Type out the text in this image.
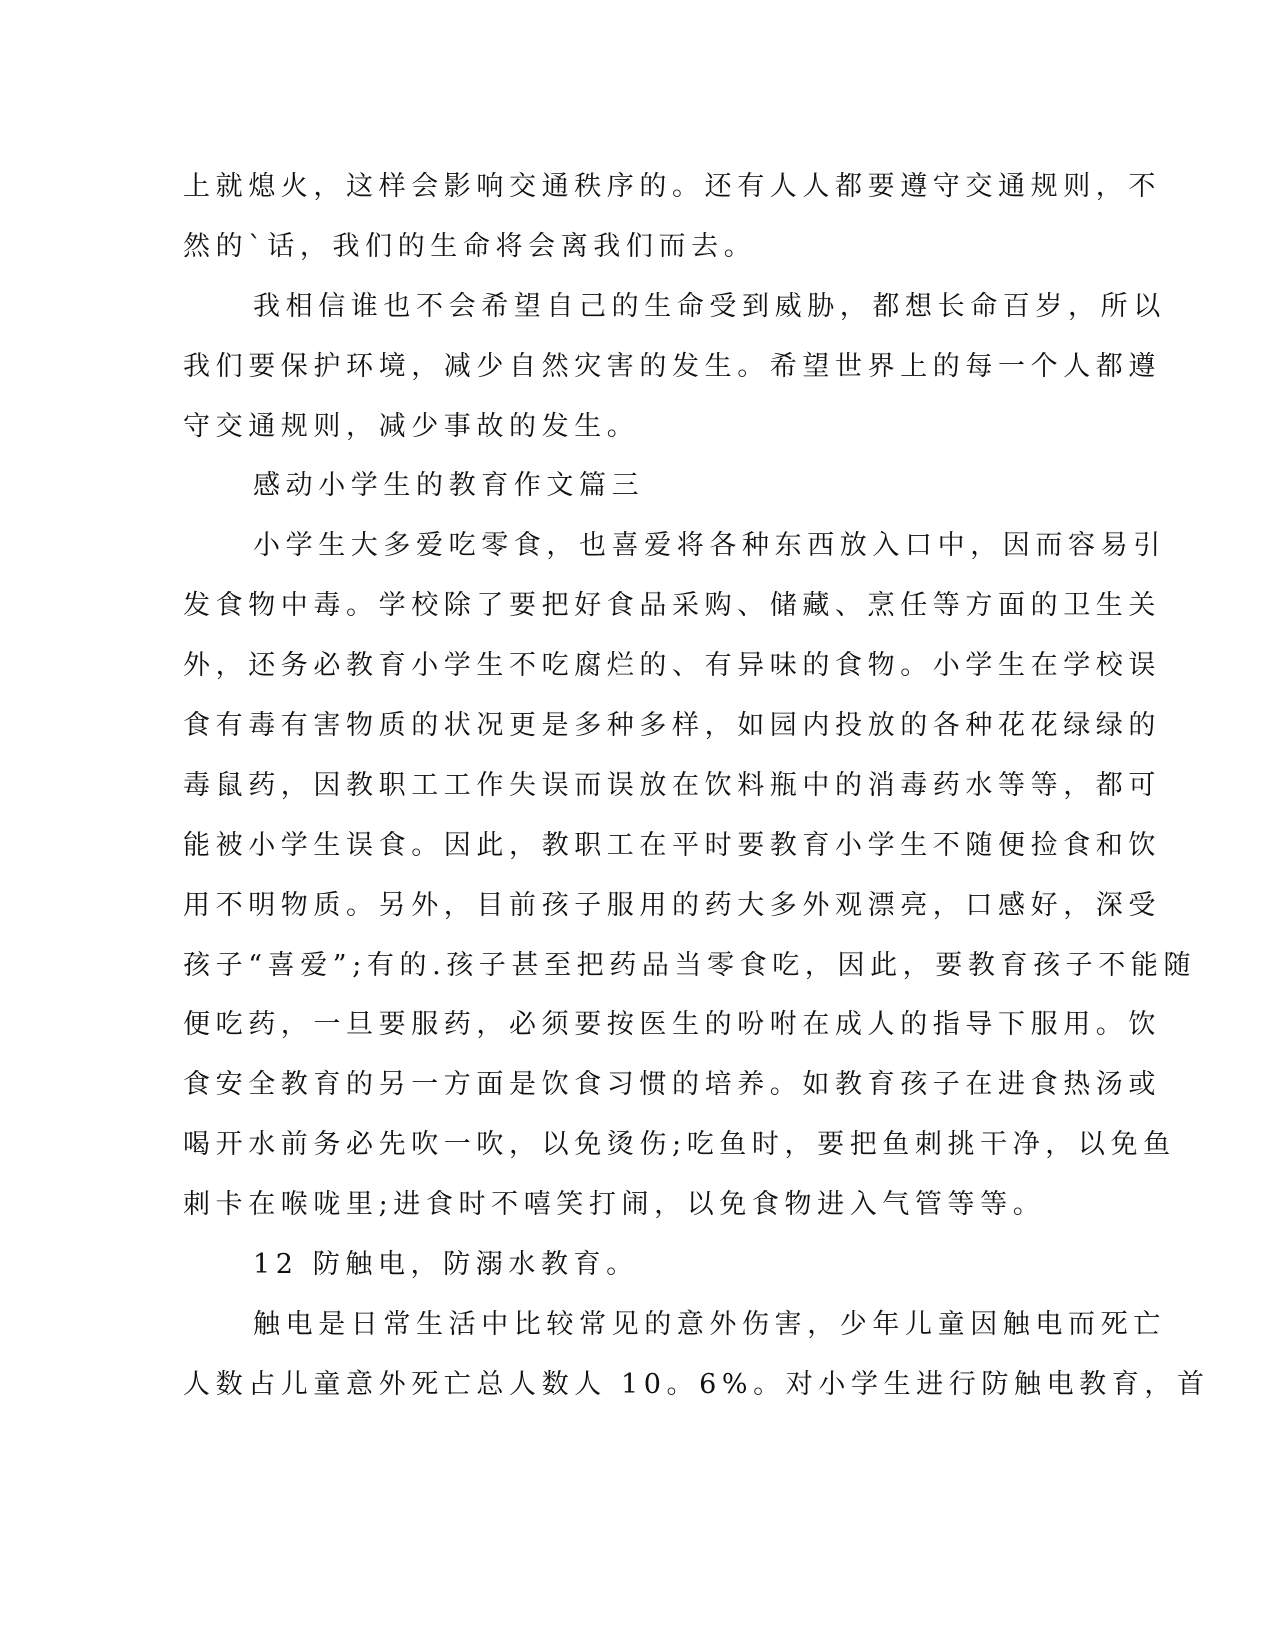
上就熄火，这样会影响交通秩序的。还有人人都要遵守交通规则，不
然的`话，我们的生命将会离我们而去。
我相信谁也不会希望自己的生命受到威胁，都想长命百岁，所以
我们要保护环境，减少自然灾害的发生。希望世界上的每一个人都遵
守交通规则，减少事故的发生。
感动小学生的教育作文篇三
小学生大多爱吃零食，也喜爱将各种东西放入口中，因而容易引
发食物中毒。学校除了要把好食品采购、储藏、烹任等方面的卫生关
外，还务必教育小学生不吃腐烂的、有异味的食物。小学生在学校误
食有毒有害物质的状况更是多种多样，如园内投放的各种花花绿绿的
毒鼠药，因教职工工作失误而误放在饮料瓶中的消毒药水等等，都可
能被小学生误食。因此，教职工在平时要教育小学生不随便捡食和饮
用不明物质。另外，目前孩子服用的药大多外观漂亮，口感好，深受
孩子“喜爱”;有的.孩子甚至把药品当零食吃，因此，要教育孩子不能随
便吃药，一旦要服药，必须要按医生的吩咐在成人的指导下服用。饮
食安全教育的另一方面是饮食习惯的培养。如教育孩子在进食热汤或
喝开水前务必先吹一吹，以免烫伤;吃鱼时，要把鱼刺挑干净，以免鱼
刺卡在喉咙里;进食时不嘻笑打闹，以免食物进入气管等等。
12 防触电，防溺水教育。
触电是日常生活中比较常见的意外伤害，少年儿童因触电而死亡
人数占儿童意外死亡总人数人 10。6%。对小学生进行防触电教育，首
